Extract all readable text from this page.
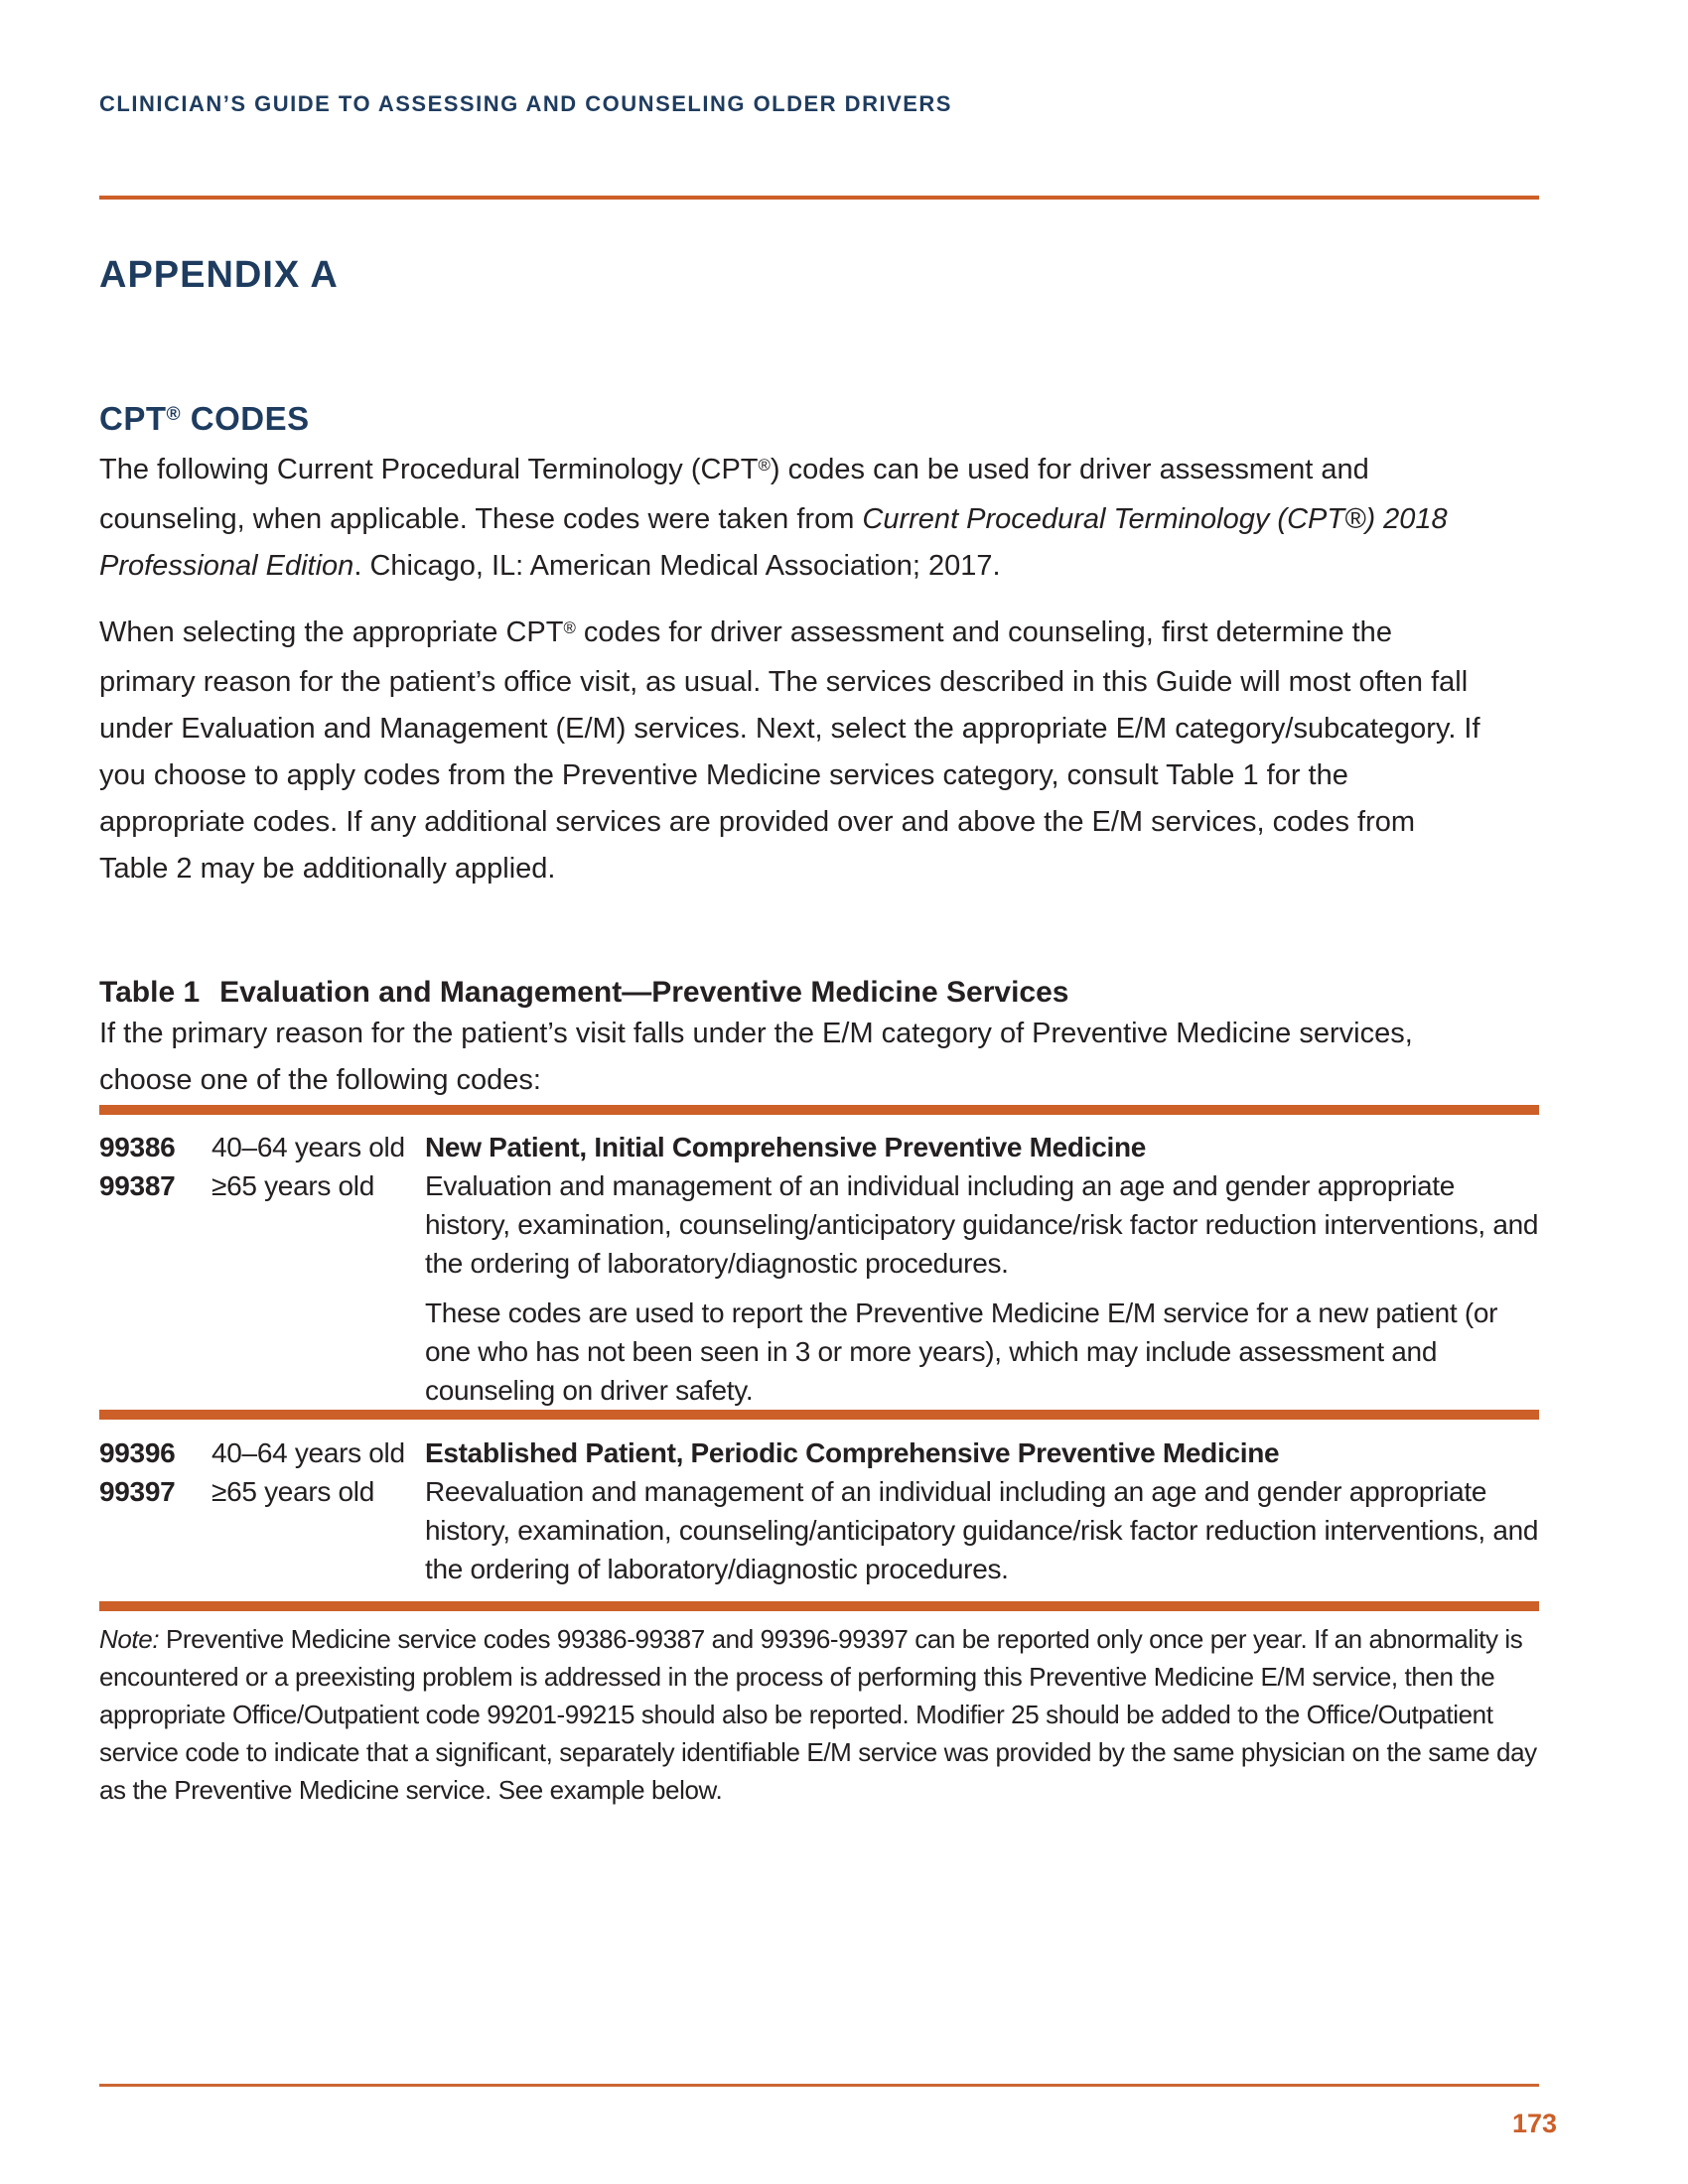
CLINICIAN’S GUIDE TO ASSESSING AND COUNSELING OLDER DRIVERS
APPENDIX A
CPT® CODES

The following Current Procedural Terminology (CPT®) codes can be used for driver assessment and counseling, when applicable. These codes were taken from Current Procedural Terminology (CPT®) 2018 Professional Edition. Chicago, IL: American Medical Association; 2017.

When selecting the appropriate CPT® codes for driver assessment and counseling, first determine the primary reason for the patient’s office visit, as usual. The services described in this Guide will most often fall under Evaluation and Management (E/M) services. Next, select the appropriate E/M category/subcategory. If you choose to apply codes from the Preventive Medicine services category, consult Table 1 for the appropriate codes. If any additional services are provided over and above the E/M services, codes from Table 2 may be additionally applied.

Table 1 Evaluation and Management—Preventive Medicine Services

If the primary reason for the patient’s visit falls under the E/M category of Preventive Medicine services, choose one of the following codes:

99386
99387
40–64 years old
≥65 years old
New Patient, Initial Comprehensive Preventive Medicine

Evaluation and management of an individual including an age and gender appropriate history, examination, counseling/anticipatory guidance/risk factor reduction interventions, and the ordering of laboratory/diagnostic procedures.

These codes are used to report the Preventive Medicine E/M service for a new patient (or one who has not been seen in 3 or more years), which may include assessment and counseling on driver safety.

99396
99397
40–64 years old
≥65 years old
Established Patient, Periodic Comprehensive Preventive Medicine

Reevaluation and management of an individual including an age and gender appropriate history, examination, counseling/anticipatory guidance/risk factor reduction interventions, and the ordering of laboratory/diagnostic procedures.

Note: Preventive Medicine service codes 99386-99387 and 99396-99397 can be reported only once per year. If an abnormality is encountered or a preexisting problem is addressed in the process of performing this Preventive Medicine E/M service, then the appropriate Office/Outpatient code 99201-99215 should also be reported. Modifier 25 should be added to the Office/Outpatient service code to indicate that a significant, separately identifiable E/M service was provided by the same physician on the same day as the Preventive Medicine service. See example below.

173
